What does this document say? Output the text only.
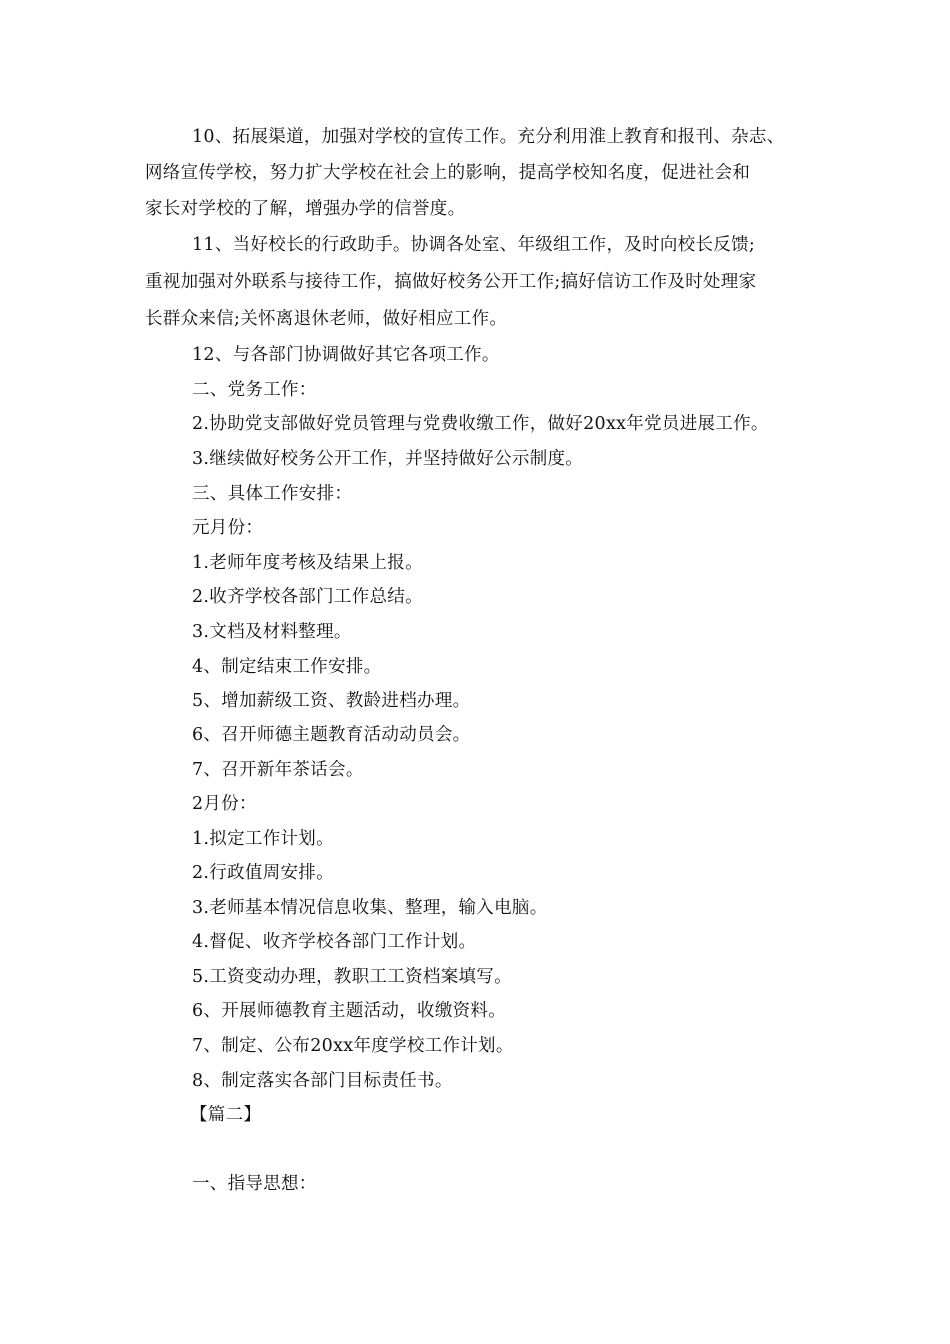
10、拓展渠道，加强对学校的宣传工作。充分利用淮上教育和报刊、杂志、
网络宣传学校，努力扩大学校在社会上的影响，提高学校知名度，促进社会和
家长对学校的了解，增强办学的信誉度。
11、当好校长的行政助手。协调各处室、年级组工作，及时向校长反馈;
重视加强对外联系与接待工作，搞做好校务公开工作;搞好信访工作及时处理家
长群众来信;关怀离退休老师，做好相应工作。
12、与各部门协调做好其它各项工作。
二、党务工作：
2.协助党支部做好党员管理与党费收缴工作，做好20xx年党员进展工作。
3.继续做好校务公开工作，并坚持做好公示制度。
三、具体工作安排：
元月份：
1.老师年度考核及结果上报。
2.收齐学校各部门工作总结。
3.文档及材料整理。
4、制定结束工作安排。
5、增加薪级工资、教龄进档办理。
6、召开师德主题教育活动动员会。
7、召开新年茶话会。
2月份：
1.拟定工作计划。
2.行政值周安排。
3.老师基本情况信息收集、整理，输入电脑。
4.督促、收齐学校各部门工作计划。
5.工资变动办理，教职工工资档案填写。
6、开展师德教育主题活动，收缴资料。
7、制定、公布20xx年度学校工作计划。
8、制定落实各部门目标责任书。
【篇二】
一、指导思想：
